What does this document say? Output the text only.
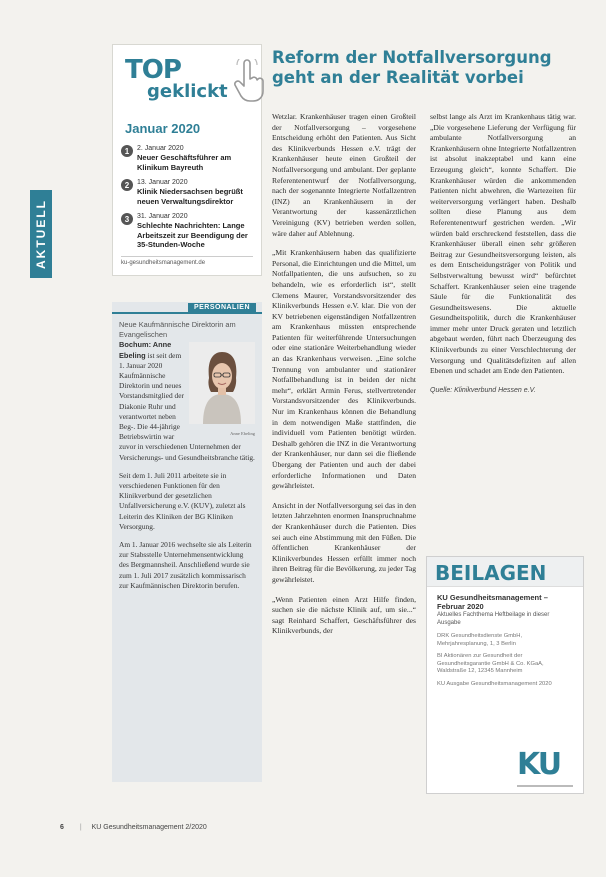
AKTUELL
TOP
geklickt
Januar 2020
1	2. Januar 2020
Neuer Geschäftsführer am Klinikum Bayreuth
2	13. Januar 2020
Klinik Niedersachsen begrüßt neuen Verwaltungsdirektor
3	31. Januar 2020
Schlechte Nachrichten: Lange Arbeitszeit zur Beendigung der 35-Stunden-Woche
ku-gesundheitsmanagement.de
PERSONALIEN
Neue Kaufmännische Direktorin am Evangelischen
Anne Ebeling
Bochum: Anne Ebeling ist seit dem 1. Januar 2020 Kaufmännische Direktorin und neues Vorstandsmitglied der Diakonie Ruhr und verantwortet neben Beg-. Die 44-jährige Betriebswirtin war zuvor in verschiedenen Unternehmen der Versicherungs- und Gesundheitsbranche tätig.
Seit dem 1. Juli 2011 arbeitete sie in verschiedenen Funktionen für den Klinikverbund der gesetzlichen Unfallversicherung e.V. (KUV), zuletzt als Leiterin des Kliniken der BG Kliniken Versorgung.
Am 1. Januar 2016 wechselte sie als Leiterin zur Stabsstelle Unternehmensentwicklung des Bergmannsheil. Anschließend wurde sie zum 1. Juli 2017 zusätzlich kommissarisch zur Kaufmännischen Direktorin berufen.
Reform der Notfallversorgung geht an der Realität vorbei

Wetzlar. Krankenhäuser tragen einen Großteil der Notfallversorgung – vorgesehene Entscheidung erhöht den Patienten. Aus Sicht des Klinikverbunds Hessen e.V. trägt der Krankenhäuser heute einen Großteil der Notfallversorgung und ambulant. Der geplante Referentenentwurf der Notfallversorgung, nach der sogenannte Integrierte Notfallzentren (INZ) an Krankenhäusern in der Verantwortung der kassenärztlichen Vereinigung (KV) betrieben werden sollen, wäre daher auf Ablehnung.

„Mit Krankenhäusern haben das qualifizierte Personal, die Einrichtungen und die Mittel, um Notfallpatienten, die uns aufsuchen, so zu behandeln, wie es erforderlich ist“, stellt Clemens Maurer, Vorstandsvorsitzender des Klinikverbunds Hessen e.V. klar. Die von der KV betriebenen eigenständigen Notfallzentren am Krankenhaus müssten entsprechende Patienten für weiterführende Untersuchungen oder eine stationäre Weiterbehandlung wieder an das Krankenhaus verweisen. „Eine solche Trennung von ambulanter und stationärer Notfallbehandlung ist in beiden der nicht mehr“, erklärt Armin Ferus, stellvertretender Vorstandsvorsitzender des Klinikverbunds. Nur im Krankenhaus können die Behandlung in dem notwendigen Maße stattfinden, die individuell vom Patienten benötigt würden. Deshalb gehören die INZ in die Verantwortung der Krankenhäuser, nur dann sei die fließende Übergang der Patienten und auch der dabei erforderliche Informationen und Daten gewährleistet.

Ansicht in der Notfallversorgung sei das in den letzten Jahrzehnten enormen Inanspruchnahme der Krankenhäuser durch die Patienten. Dies sei auch eine Abstimmung mit den Füßen. Die öffentlichen Krankenhäuser der Klinikverbundes Hessen erfüllt immer noch ihren Beitrag für die Bevölkerung, zu jeder Tag gewährleistet.

„Wenn Patienten einen Arzt Hilfe finden, suchen sie die nächste Klinik auf, um sie...“ sagt Reinhard Schaffert, Geschäftsführer des Klinikverbunds, der

selbst lange als Arzt im Krankenhaus tätig war. „Die vorgesehene Lieferung der Verfügung für ambulante Notfallversorgung an Krankenhäusern ohne Integrierte Notfallzentren ist absolut inakzeptabel und kann eine Erzeugung gleich“, konnte Schaffert. Die Krankenhäuser würden die ankommenden Patienten nicht abwehren, die Wartezeiten für weiterversorgung verlängert haben. Deshalb sollten diese Planung aus dem Referentenentwurf gestrichen werden. „Wir würden bald erschreckend feststellen, dass die Krankenhäuser überall einen sehr größeren Beitrag zur Gesundheitsversorgung leisten, als es dem Entscheidungsträger von Politik und Selbstverwaltung bewusst wird“ befürchtet Schaffert. Krankenhäuser seien eine tragende Säule für die Funktionalität des Gesundheitswesens. Die aktuelle Gesundheitspolitik, durch die Krankenhäuser immer mehr unter Druck geraten und letztlich abgebaut werden, führt nach Überzeugung des Klinikverbunds zu einer Verschlechterung der Versorgung und Qualitätsdefiziten auf allen Ebenen und schadet am Ende den Patienten.

Quelle: Klinikverbund Hessen e.V.
BEILAGEN
KU Gesundheitsmanagement – Februar 2020
Aktuelles Fachthema Heftbeilage in dieser Ausgabe
DRK Gesundheitsdienste GmbH, Mehrjahresplanung, 1, 3 Berlin
BI Aktionären zur Gesundheit der Gesundheitsgarantie GmbH & Co. KGaA, Waldstraße 12, 12345 Mannheim
KU Ausgabe Gesundheitsmanagement 2020
KU
6 | KU Gesundheitsmanagement 2/2020
